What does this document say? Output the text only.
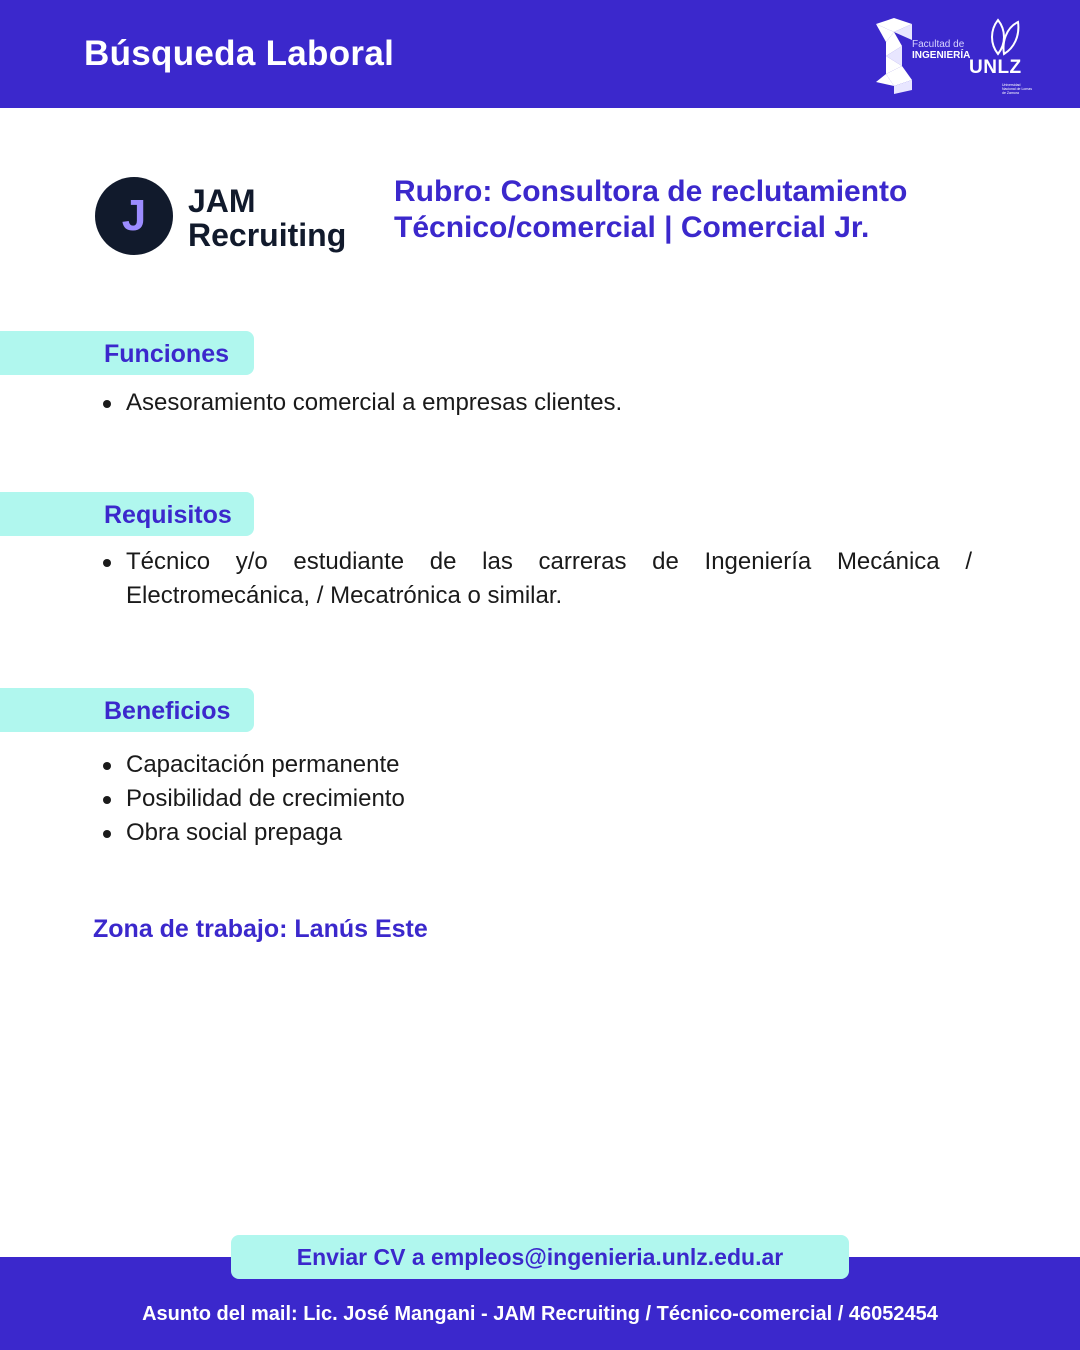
Búsqueda Laboral	Facultad de
INGENIERÍA
UNLZ
Universidad Nacional de Lomas de Zamora
J	JAM
Recruiting
Rubro: Consultora de reclutamiento
Técnico/comercial | Comercial Jr.
Funciones
Asesoramiento comercial a empresas clientes.
Requisitos
Técnico y/o estudiante de las carreras de Ingeniería Mecánica / Electromecánica, / Mecatrónica o similar.
Beneficios
Capacitación permanente
Posibilidad de crecimiento
Obra social prepaga
Zona de trabajo: Lanús Este
Enviar CV a empleos@ingenieria.unlz.edu.ar
Asunto del mail: Lic. José Mangani - JAM Recruiting / Técnico-comercial / 46052454
